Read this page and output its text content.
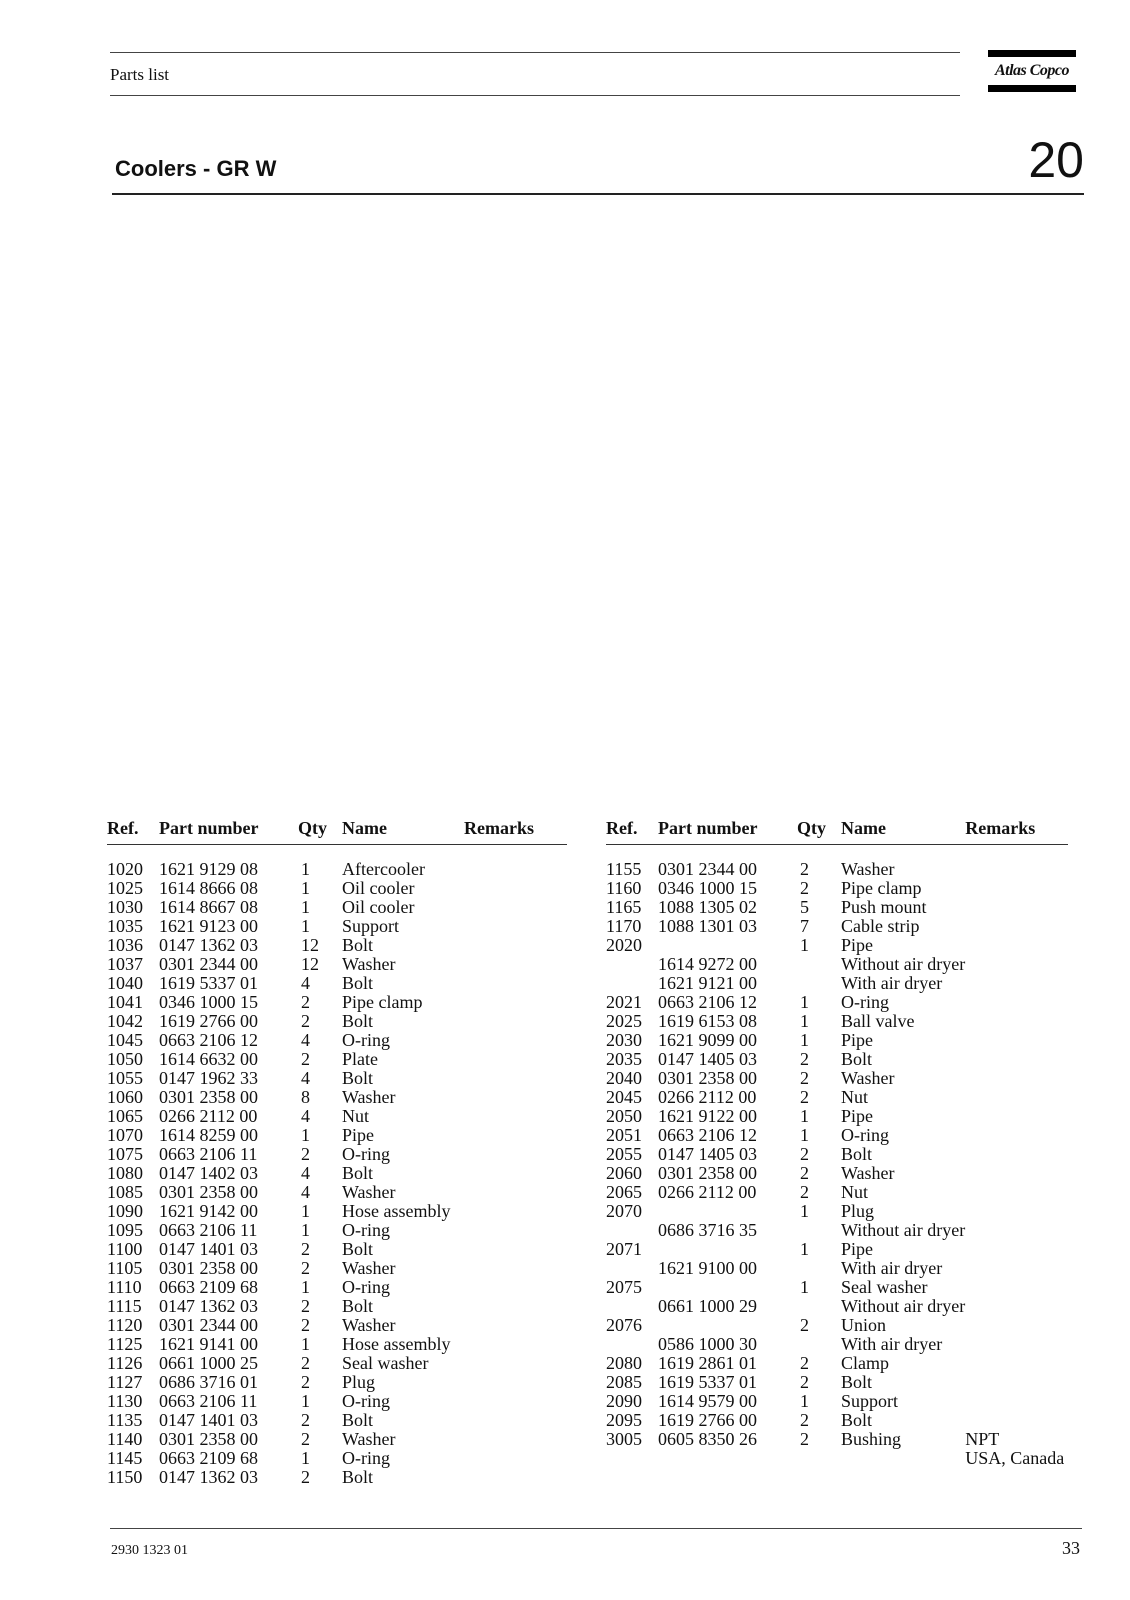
Parts list	Atlas Copco
Coolers - GR W	20
Ref.	Part number	Qty	Name	Remarks

1020	1621 9129 08	1	Aftercooler	
1025	1614 8666 08	1	Oil cooler	
1030	1614 8667 08	1	Oil cooler	
1035	1621 9123 00	1	Support	
1036	0147 1362 03	12	Bolt	
1037	0301 2344 00	12	Washer	
1040	1619 5337 01	4	Bolt	
1041	0346 1000 15	2	Pipe clamp	
1042	1619 2766 00	2	Bolt	
1045	0663 2106 12	4	O-ring	
1050	1614 6632 00	2	Plate	
1055	0147 1962 33	4	Bolt	
1060	0301 2358 00	8	Washer	
1065	0266 2112 00	4	Nut	
1070	1614 8259 00	1	Pipe	
1075	0663 2106 11	2	O-ring	
1080	0147 1402 03	4	Bolt	
1085	0301 2358 00	4	Washer	
1090	1621 9142 00	1	Hose assembly	
1095	0663 2106 11	1	O-ring	
1100	0147 1401 03	2	Bolt	
1105	0301 2358 00	2	Washer	
1110	0663 2109 68	1	O-ring	
1115	0147 1362 03	2	Bolt	
1120	0301 2344 00	2	Washer	
1125	1621 9141 00	1	Hose assembly	
1126	0661 1000 25	2	Seal washer	
1127	0686 3716 01	2	Plug	
1130	0663 2106 11	1	O-ring	
1135	0147 1401 03	2	Bolt	
1140	0301 2358 00	2	Washer	
1145	0663 2109 68	1	O-ring	
1150	0147 1362 03	2	Bolt	
Ref.	Part number	Qty	Name	Remarks

1155	0301 2344 00	2	Washer	
1160	0346 1000 15	2	Pipe clamp	
1165	1088 1305 02	5	Push mount	
1170	1088 1301 03	7	Cable strip	
2020		1	Pipe	
	1614 9272 00		Without air dryer	
	1621 9121 00		With air dryer	
2021	0663 2106 12	1	O-ring	
2025	1619 6153 08	1	Ball valve	
2030	1621 9099 00	1	Pipe	
2035	0147 1405 03	2	Bolt	
2040	0301 2358 00	2	Washer	
2045	0266 2112 00	2	Nut	
2050	1621 9122 00	1	Pipe	
2051	0663 2106 12	1	O-ring	
2055	0147 1405 03	2	Bolt	
2060	0301 2358 00	2	Washer	
2065	0266 2112 00	2	Nut	
2070		1	Plug	
	0686 3716 35		Without air dryer	
2071		1	Pipe	
	1621 9100 00		With air dryer	
2075		1	Seal washer	
	0661 1000 29		Without air dryer	
2076		2	Union	
	0586 1000 30		With air dryer	
2080	1619 2861 01	2	Clamp	
2085	1619 5337 01	2	Bolt	
2090	1614 9579 00	1	Support	
2095	1619 2766 00	2	Bolt	
3005	0605 8350 26	2	Bushing	NPT
				USA, Canada
2930 1323 01	33
